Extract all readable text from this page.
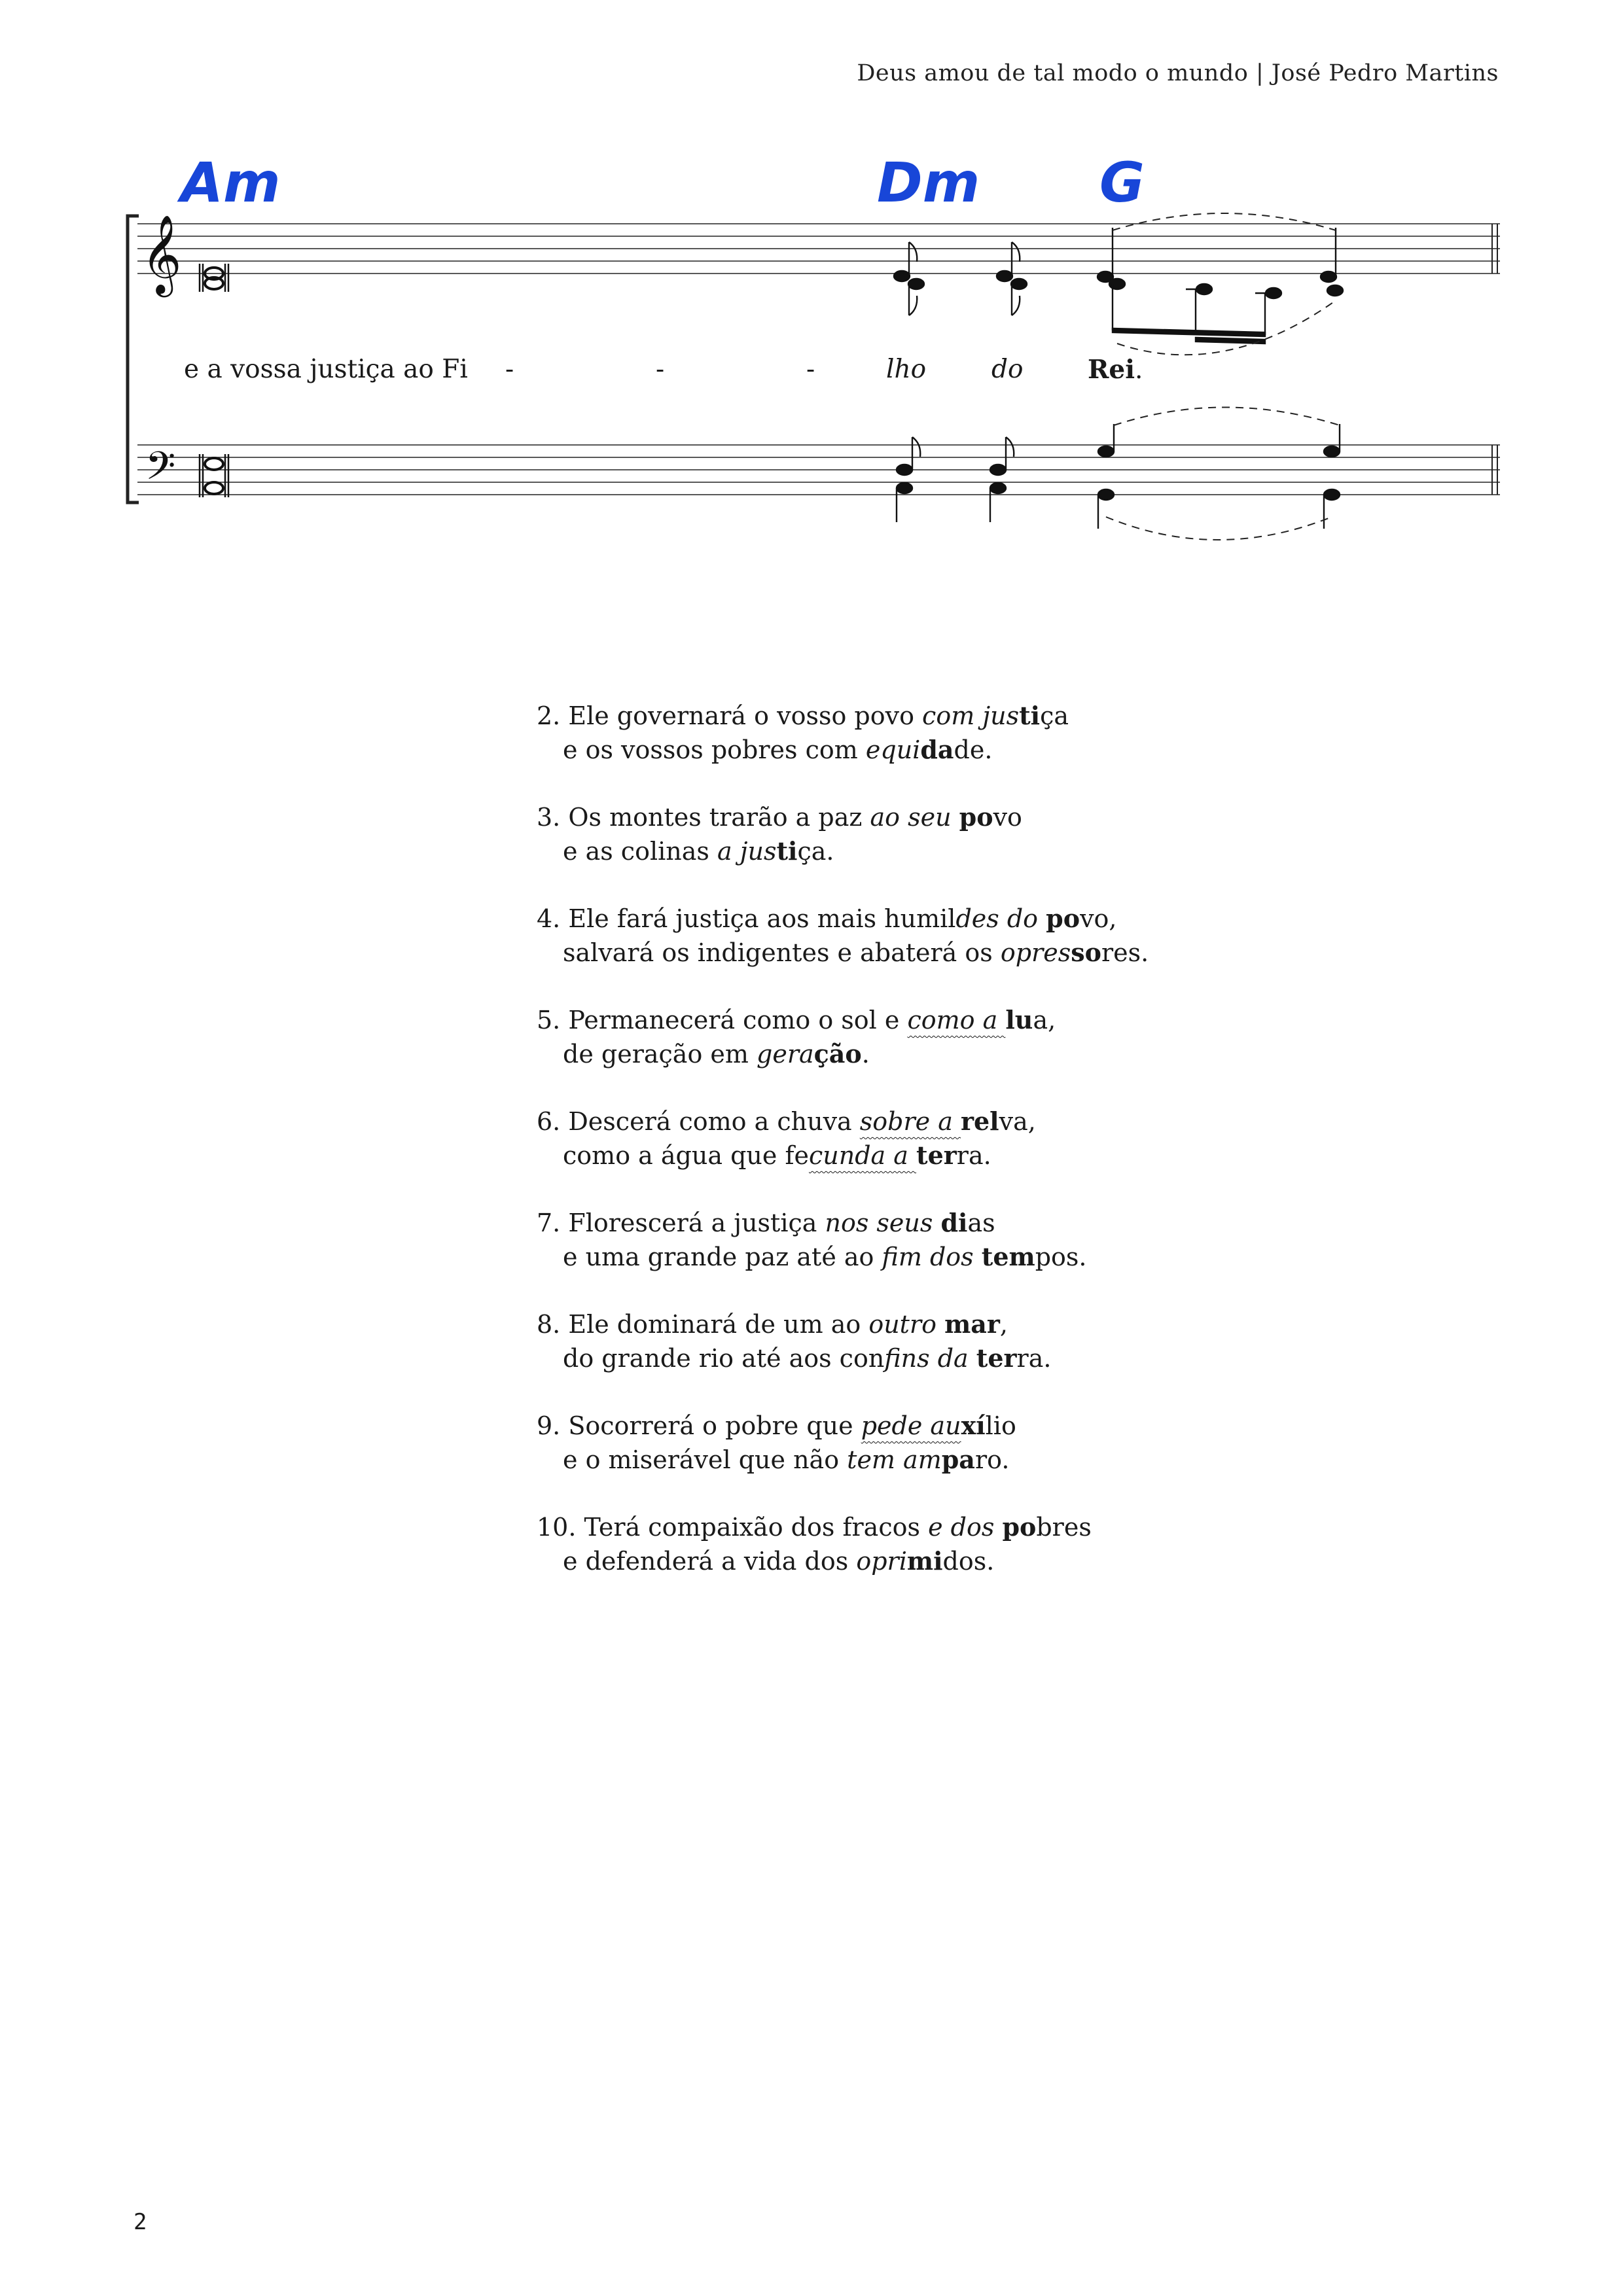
Deus amou de tal modo o mundo | José Pedro Martins
Am	Dm G
𝄞
𝄢
e a vossa justiça ao Fi -	-	-	lho	do	Rei.
2. Ele governará o vosso povo com justiça
e os vossos pobres com equidade.
3. Os montes trarão a paz ao seu povo
e as colinas a justiça.
4. Ele fará justiça aos mais humildes do povo,
salvará os indigentes e abaterá os opressores.
5. Permanecerá como o sol e como a lua,
de geração em geração.
6. Descerá como a chuva sobre a relva,
como a água que fecunda a terra.
7. Florescerá a justiça nos seus dias
e uma grande paz até ao fim dos tempos.
8. Ele dominará de um ao outro mar,
do grande rio até aos confins da terra.
9. Socorrerá o pobre que pede auxílio
e o miserável que não tem amparo.
10. Terá compaixão dos fracos e dos pobres
e defenderá a vida dos oprimidos.
2
